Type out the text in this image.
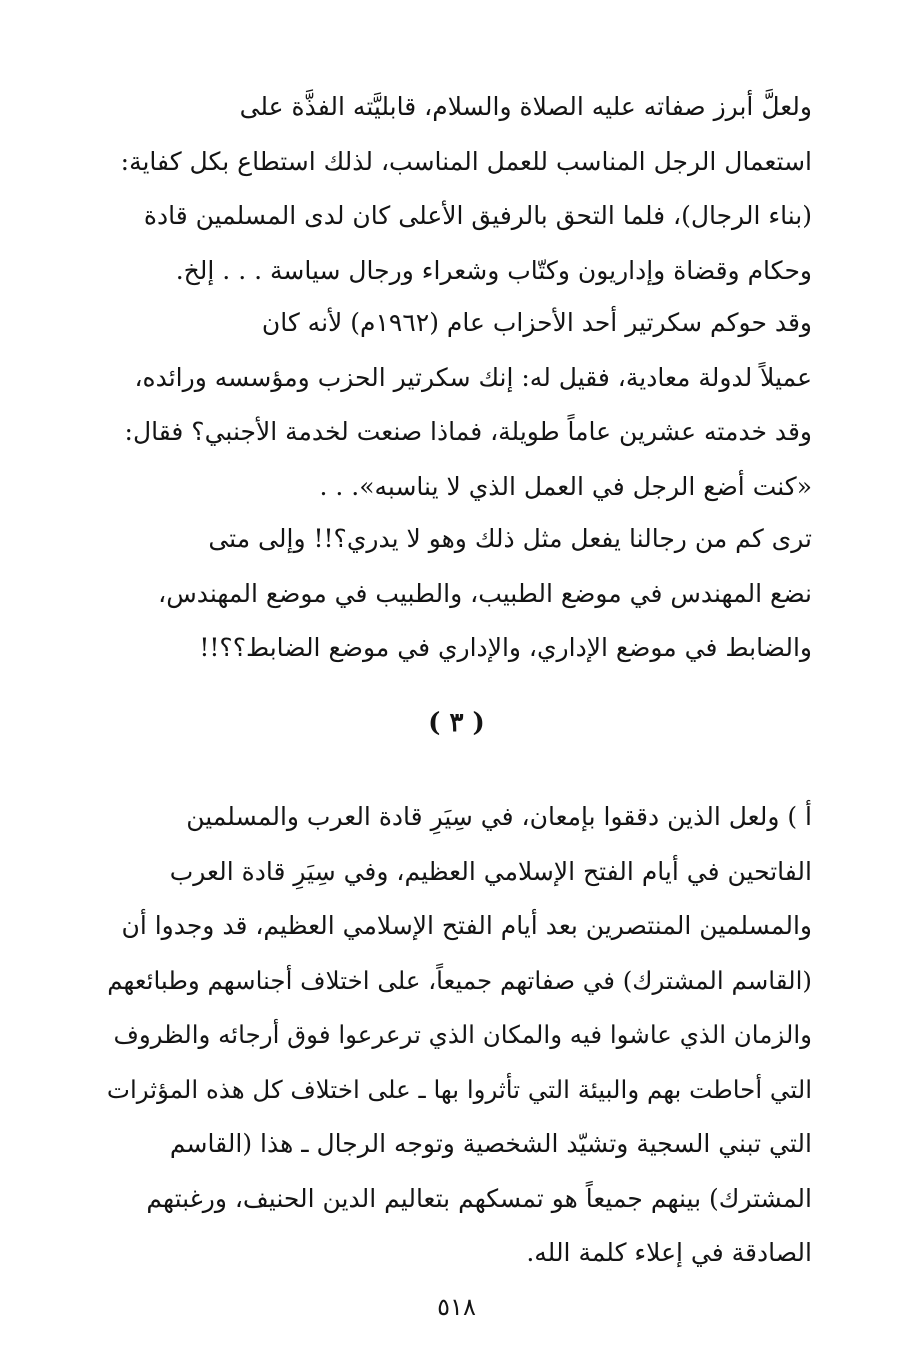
ولعلَّ أبرز صفاته عليه الصلاة والسلام، قابليَّته الفذَّة على
استعمال الرجل المناسب للعمل المناسب، لذلك استطاع بكل كفاية:
(بناء الرجال)، فلما التحق بالرفيق الأعلى كان لدى المسلمين قادة
وحكام وقضاة وإداريون وكتّاب وشعراء ورجال سياسة . . . إلخ.
وقد حوكم سكرتير أحد الأحزاب عام (١٩٦٢م) لأنه كان
عميلاً لدولة معادية، فقيل له: إنك سكرتير الحزب ومؤسسه ورائده،
وقد خدمته عشرين عاماً طويلة، فماذا صنعت لخدمة الأجنبي؟ فقال:
«كنت أضع الرجل في العمل الذي لا يناسبه». . .
ترى كم من رجالنا يفعل مثل ذلك وهو لا يدري؟!! وإلى متى
نضع المهندس في موضع الطبيب، والطبيب في موضع المهندس،
والضابط في موضع الإداري، والإداري في موضع الضابط؟؟!!
( ٣ )
أ ) ولعل الذين دققوا بإمعان، في سِيَرِ قادة العرب والمسلمين
الفاتحين في أيام الفتح الإسلامي العظيم، وفي سِيَرِ قادة العرب
والمسلمين المنتصرين بعد أيام الفتح الإسلامي العظيم، قد وجدوا أن
(القاسم المشترك) في صفاتهم جميعاً، على اختلاف أجناسهم وطبائعهم
والزمان الذي عاشوا فيه والمكان الذي ترعرعوا فوق أرجائه والظروف
التي أحاطت بهم والبيئة التي تأثروا بها ـ على اختلاف كل هذه المؤثرات
التي تبني السجية وتشيّد الشخصية وتوجه الرجال ـ هذا (القاسم
المشترك) بينهم جميعاً هو تمسكهم بتعاليم الدين الحنيف، ورغبتهم
الصادقة في إعلاء كلمة الله.
٥١٨
